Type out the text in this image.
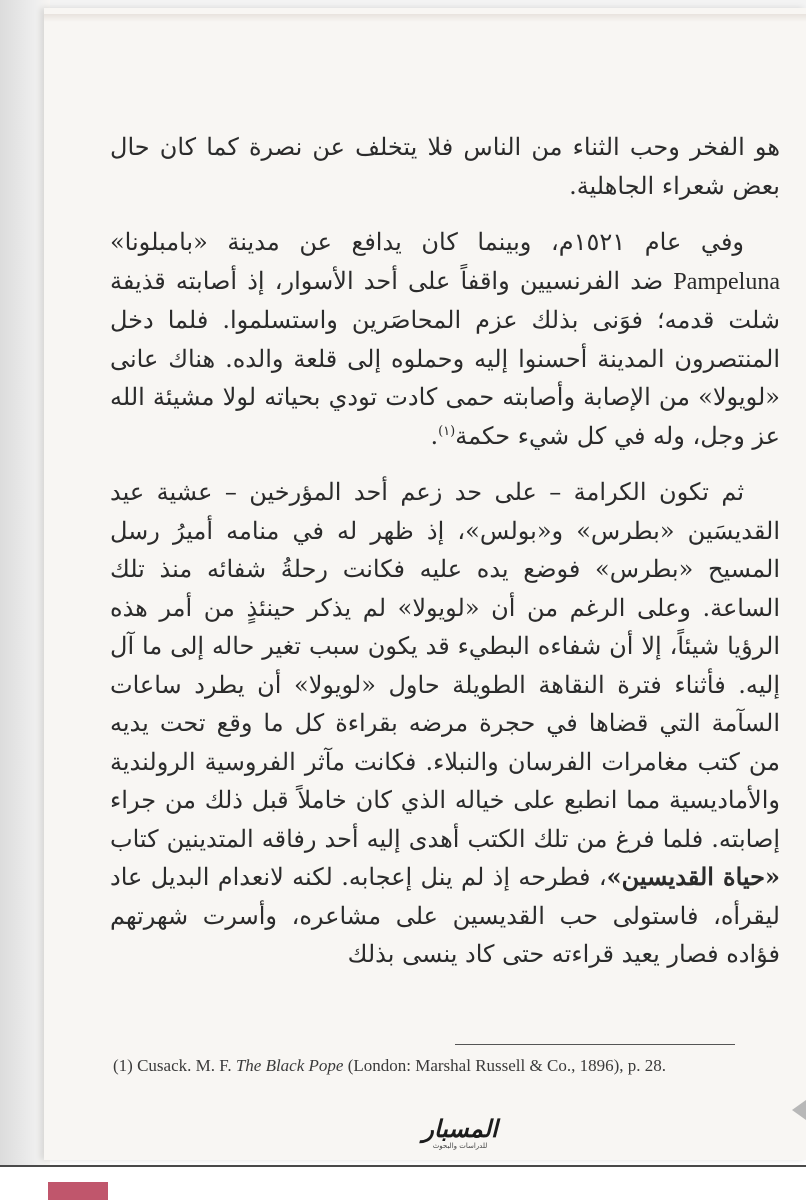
هو الفخر وحب الثناء من الناس فلا يتخلف عن نصرة كما كان حال بعض شعراء الجاهلية.

وفي عام ١٥٢١م، وبينما كان يدافع عن مدينة «بامبلونا» Pampeluna ضد الفرنسيين واقفاً على أحد الأسوار، إذ أصابته قذيفة شلت قدمه؛ فوَنى بذلك عزم المحاصَرين واستسلموا. فلما دخل المنتصرون المدينة أحسنوا إليه وحملوه إلى قلعة والده. هناك عانى «لويولا» من الإصابة وأصابته حمى كادت تودي بحياته لولا مشيئة الله عز وجل، وله في كل شيء حكمة$^{(١)}$.

ثم تكون الكرامة – على حد زعم أحد المؤرخين – عشية عيد القديسَين «بطرس» و«بولس»، إذ ظهر له في منامه أميرُ رسل المسيح «بطرس» فوضع يده عليه فكانت رحلةُ شفائه منذ تلك الساعة. وعلى الرغم من أن «لويولا» لم يذكر حينئذٍ من أمر هذه الرؤيا شيئاً، إلا أن شفاءه البطيء قد يكون سبب تغير حاله إلى ما آل إليه. فأثناء فترة النقاهة الطويلة حاول «لويولا» أن يطرد ساعات السآمة التي قضاها في حجرة مرضه بقراءة كل ما وقع تحت يديه من كتب مغامرات الفرسان والنبلاء. فكانت مآثر الفروسية الرولندية والأماديسية مما انطبع على خياله الذي كان خاملاً قبل ذلك من جراء إصابته. فلما فرغ من تلك الكتب أهدى إليه أحد رفاقه المتدينين كتاب «حياة القديسين»، فطرحه إذ لم ينل إعجابه. لكنه لانعدام البديل عاد ليقرأه، فاستولى حب القديسين على مشاعره، وأسرت شهرتهم فؤاده فصار يعيد قراءته حتى كاد ينسى بذلك

(1) Cusack. M. F. The Black Pope (London: Marshal Russell & Co., 1896), p. 28.
المسبار
للدراسات والبحوث
